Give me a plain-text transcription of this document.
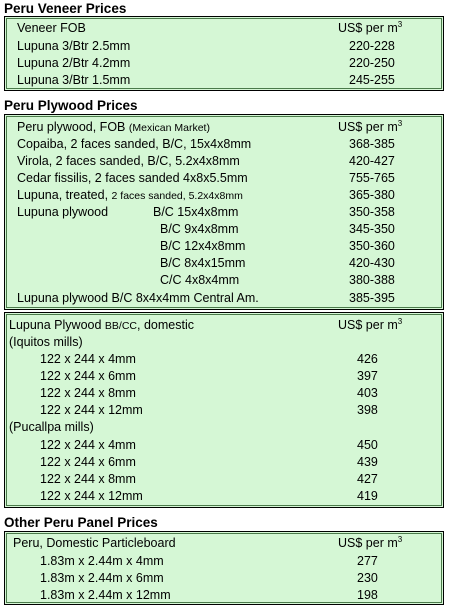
Peru Veneer Prices
Veneer FOB	US$ per $m^3$
Lupuna 3/Btr 2.5mm	220-228
Lupuna 2/Btr 4.2mm	220-250
Lupuna 3/Btr 1.5mm	245-255
Peru Plywood Prices
Peru plywood, FOB (Mexican Market)	US$ per $m^3$
Copaiba, 2 faces sanded, B/C, 15x4x8mm	368-385
Virola, 2 faces sanded, B/C, 5.2x4x8mm	420-427
Cedar fissilis, 2 faces sanded 4x8x5.5mm	755-765
Lupuna, treated, 2 faces sanded, 5.2x4x8mm	365-380
Lupuna plywood	B/C 15x4x8mm	350-358
B/C 9x4x8mm	345-350
B/C 12x4x8mm	350-360
B/C 8x4x15mm	420-430
C/C 4x8x4mm	380-388
Lupuna plywood B/C 8x4x4mm Central Am.	385-395
Lupuna Plywood BB/CC, domestic	US$ per $m^3$
(Iquitos mills)
122 x 244 x 4mm	426
122 x 244 x 6mm	397
122 x 244 x 8mm	403
122 x 244 x 12mm	398
(Pucallpa mills)
122 x 244 x 4mm	450
122 x 244 x 6mm	439
122 x 244 x 8mm	427
122 x 244 x 12mm	419
Other Peru Panel Prices
Peru, Domestic Particleboard	US$ per $m^3$
1.83m x 2.44m x 4mm	277
1.83m x 2.44m x 6mm	230
1.83m x 2.44m x 12mm	198
